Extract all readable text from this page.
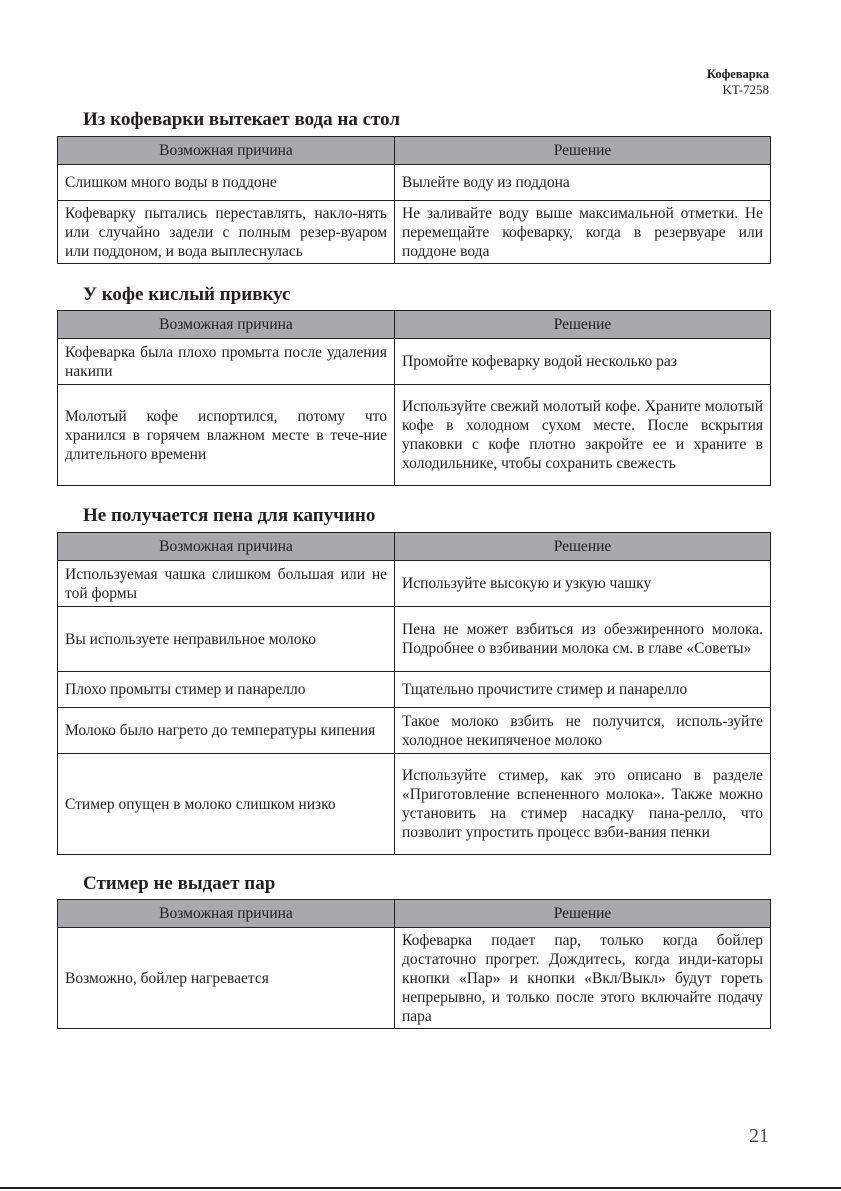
Кофеварка
KT-7258
Из кофеварки вытекает вода на стол
Возможная причина	Решение
Слишком много воды в поддоне	Вылейте воду из поддона
Кофеварку пытались переставлять, накло-нять или случайно задели с полным резер-вуаром или поддоном, и вода выплеснулась	Не заливайте воду выше максимальной отметки. Не перемещайте кофеварку, когда в резервуаре или поддоне вода
У кофе кислый привкус
Возможная причина	Решение
Кофеварка была плохо промыта после удаления накипи	Промойте кофеварку водой несколько раз
Молотый кофе испортился, потому что хранился в горячем влажном месте в тече-ние длительного времени	Используйте свежий молотый кофе. Храните молотый кофе в холодном сухом месте. После вскрытия упаковки с кофе плотно закройте ее и храните в холодильнике, чтобы сохранить свежесть
Не получается пена для капучино
Возможная причина	Решение
Используемая чашка слишком большая или не той формы	Используйте высокую и узкую чашку
Вы используете неправильное молоко	Пена не может взбиться из обезжиренного молока. Подробнее о взбивании молока см. в главе «Советы»
Плохо промыты стимер и панарелло	Тщательно прочистите стимер и панарелло
Молоко было нагрето до температуры кипения	Такое молоко взбить не получится, исполь-зуйте холодное некипяченое молоко
Стимер опущен в молоко слишком низко	Используйте стимер, как это описано в разделе «Приготовление вспененного молока». Также можно установить на стимер насадку пана-релло, что позволит упростить процесс взби-вания пенки
Стимер не выдает пар
Возможная причина	Решение
Возможно, бойлер нагревается	Кофеварка подает пар, только когда бойлер достаточно прогрет. Дождитесь, когда инди-каторы кнопки «Пар» и кнопки «Вкл/Выкл» будут гореть непрерывно, и только после этого включайте подачу пара
21
